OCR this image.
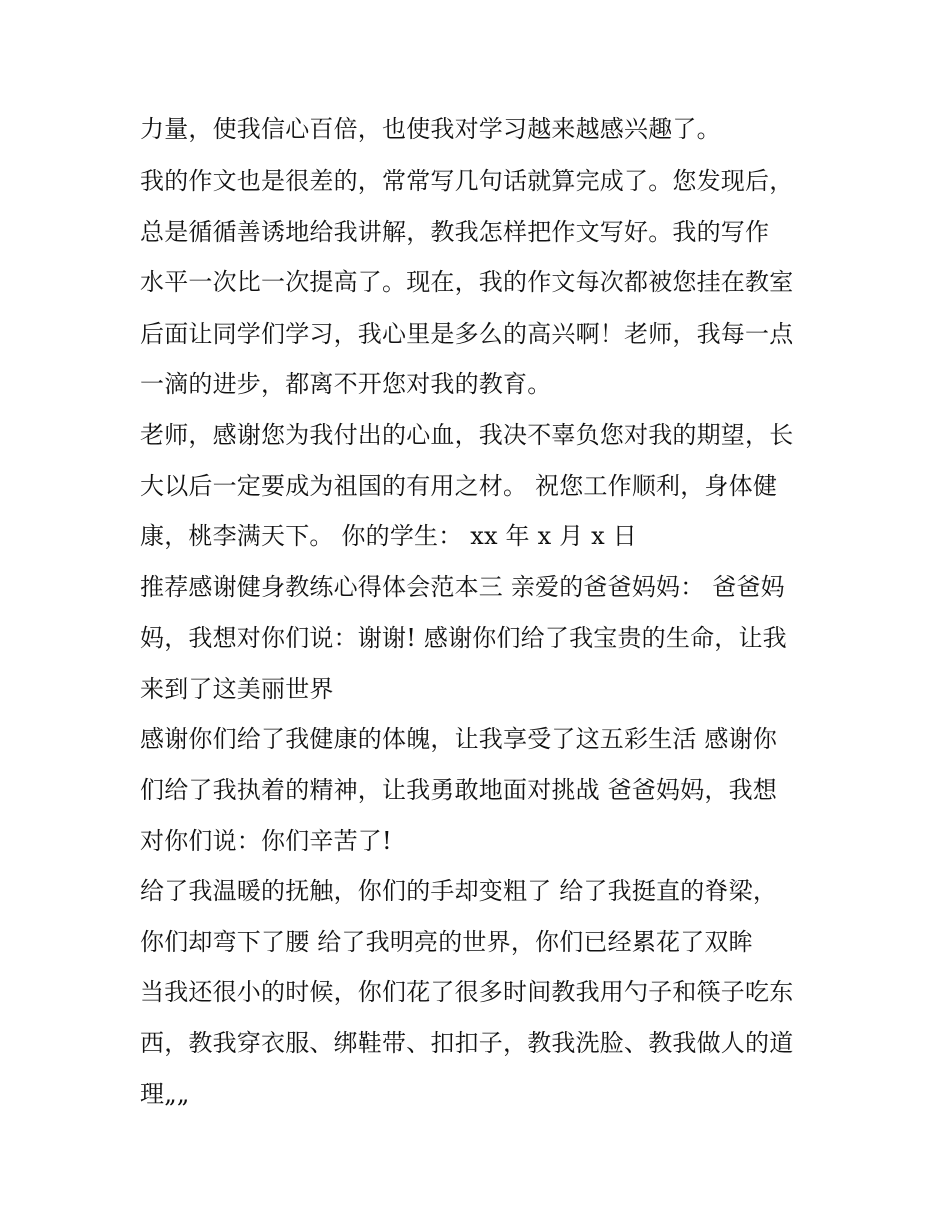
力量，使我信心百倍，也使我对学习越来越感兴趣了。
我的作文也是很差的，常常写几句话就算完成了。您发现后，
总是循循善诱地给我讲解，教我怎样把作文写好。我的写作
水平一次比一次提高了。现在，我的作文每次都被您挂在教室
后面让同学们学习，我心里是多么的高兴啊！老师，我每一点
一滴的进步，都离不开您对我的教育。
老师，感谢您为我付出的心血，我决不辜负您对我的期望，长
大以后一定要成为祖国的有用之材。 祝您工作顺利，身体健
康，桃李满天下。 你的学生： xx 年 x 月 x 日
推荐感谢健身教练心得体会范本三 亲爱的爸爸妈妈： 爸爸妈
妈，我想对你们说：谢谢! 感谢你们给了我宝贵的生命，让我
来到了这美丽世界
感谢你们给了我健康的体魄，让我享受了这五彩生活 感谢你
们给了我执着的精神，让我勇敢地面对挑战 爸爸妈妈，我想
对你们说：你们辛苦了!
给了我温暖的抚触，你们的手却变粗了 给了我挺直的脊梁，
你们却弯下了腰 给了我明亮的世界，你们已经累花了双眸
当我还很小的时候，你们花了很多时间教我用勺子和筷子吃东
西，教我穿衣服、绑鞋带、扣扣子，教我洗脸、教我做人的道
理„„
